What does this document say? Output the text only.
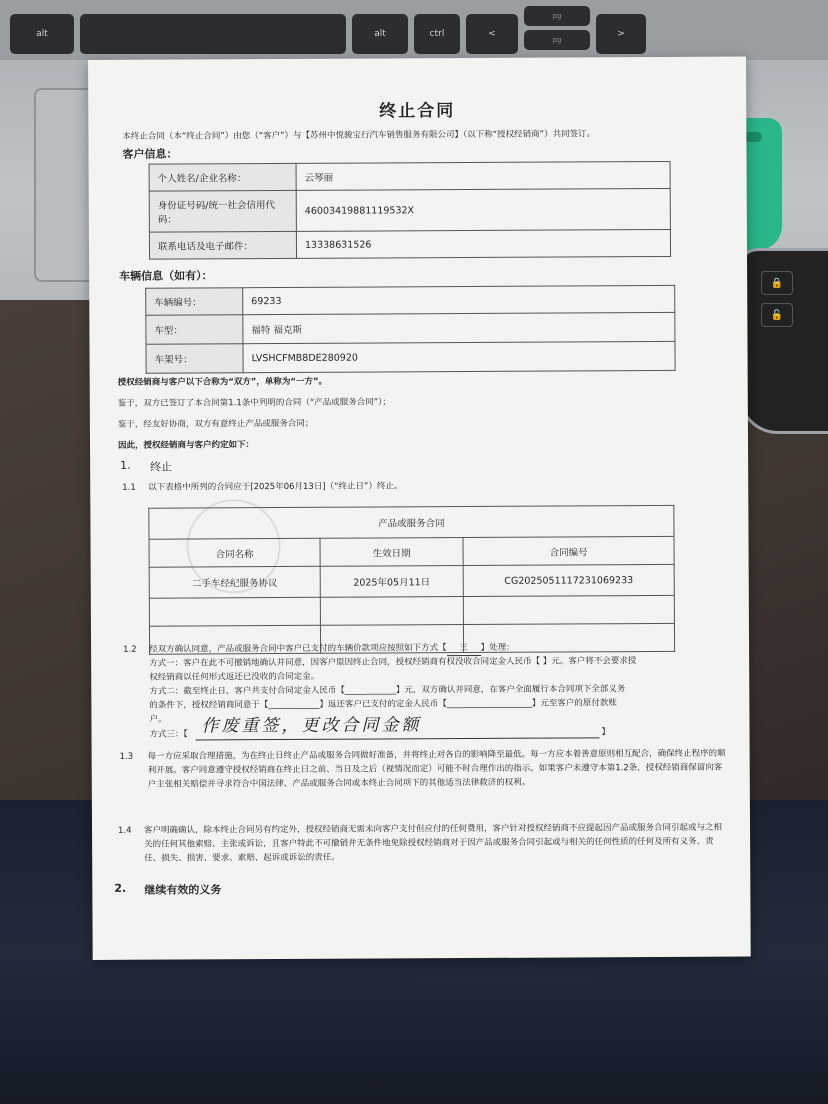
alt	alt	ctrl	<
pg
pg
>
🔒
🔓
终止合同
本终止合同（本“终止合同”）由您（“客户”）与【苏州中悦骏宝行汽车销售服务有限公司】（以下称“授权经销商”）共同签订。
客户信息：
个人姓名/企业名称：	云琴丽
身份证号码/统一社会信用代码：	4600341988111953​2X
联系电话及电子邮件：	13338631526
车辆信息（如有）：
车辆编号：	69233
车型：	福特 福克斯
车架号：	LVSHCFMB8DE280920
授权经销商与客户以下合称为“双方”，单称为“一方”。
鉴于，双方已签订了本合同第1.1条中列明的合同（“产品或服务合同”）；
鉴于，经友好协商，双方有意终止产品或服务合同；
因此，授权经销商与客户约定如下：
1. 终止
1.1 以下表格中所列的合同应于[2025年06月13日]（“终止日”）终止。
产品或服务合同		
合同名称	生效日期	合同编号
二手车经纪服务协议	2025年05月11日	CG2025051117231069233

1.2 经双方确认同意，产品或服务合同中客户已支付的车辆价款项应按照如下方式【 三 】处理：
方式一：客户在此不可撤销地确认并同意，因客户原因终止合同，授权经销商有权没收合同定金人民币【 】元。客户将不会要求授
权经销商以任何形式返还已没收的合同定金。
方式二：截至终止日，客户共支付合同定金人民币【____________】元，双方确认并同意，在客户全面履行本合同项下全部义务
的条件下，授权经销商同意于【____________】返还客户已支付的定金人民币【____________________】元至客户的原付款账
户。
方式三：【	】
作废重签，更改合同金额
1.3 每一方应采取合理措施，为在终止日终止产品或服务合同做好准备，并将终止对各自的影响降至最低。每一方应本着善意原则相互配合，确保终止程序的顺利开展。客户同意遵守授权经销商在终止日之前、当日及之后（视情况而定）可能不时合理作出的指示。如果客户未遵守本第1.2条，授权经销商保留向客户主张相关赔偿并寻求符合中国法律、产品或服务合同或本终止合同项下的其他适当法律救济的权利。
1.4 客户明确确认，除本终止合同另有约定外，授权经销商无需未向客户支付但应付的任何费用，客户针对授权经销商不应提起因产品或服务合同引起或与之相关的任何其他索赔、主张或诉讼，且客户特此不可撤销并无条件地免除授权经销商对于因产品或服务合同引起或与相关的任何性质的任何及所有义务、责任、损失、损害、要求、索赔、起诉或诉讼的责任。
2. 继续有效的义务
